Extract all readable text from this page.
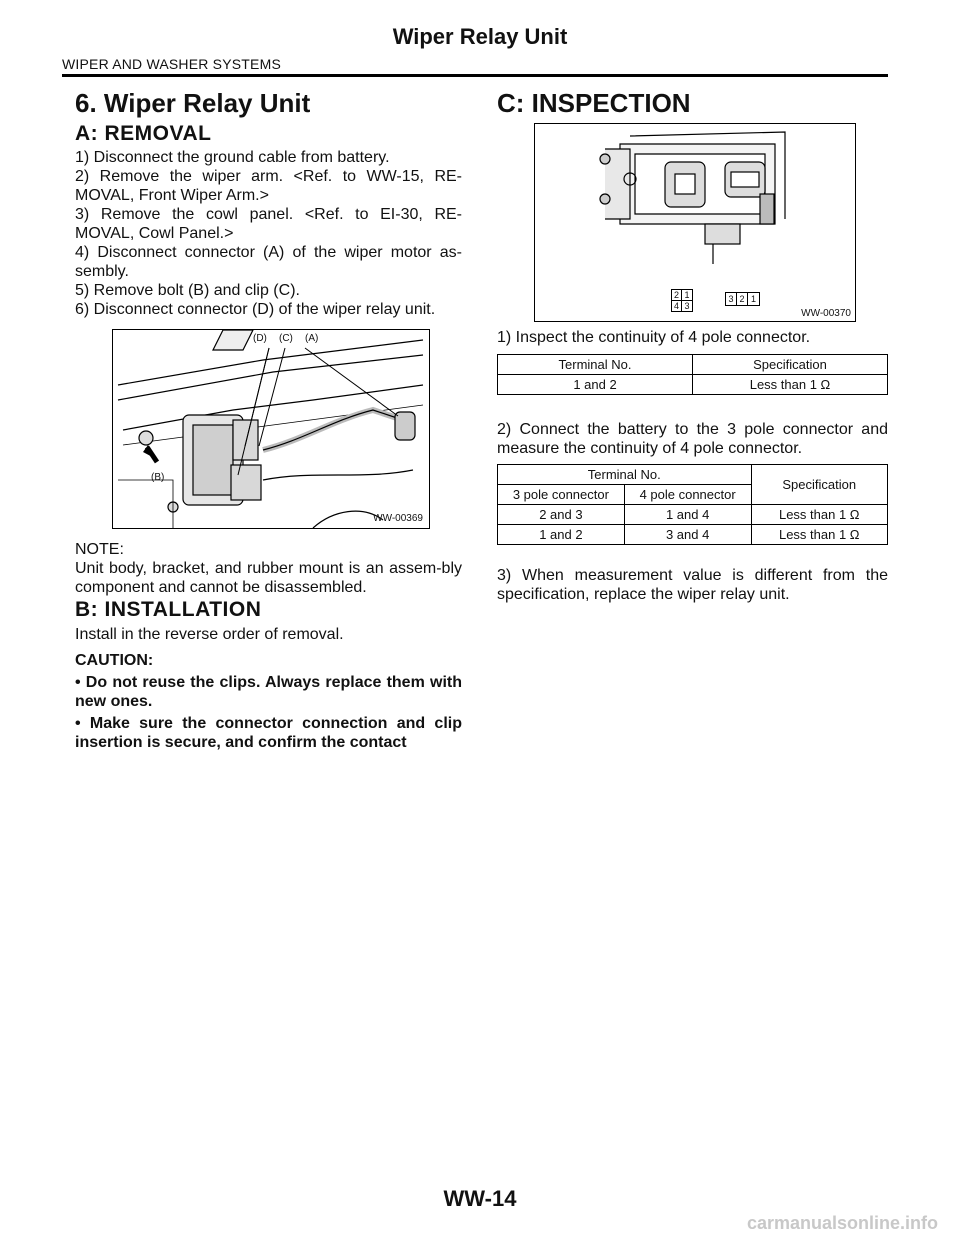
Wiper Relay Unit
WIPER AND WASHER SYSTEMS
6. Wiper Relay Unit
A: REMOVAL
1) Disconnect the ground cable from battery.
2) Remove the wiper arm. <Ref. to WW-15, RE-MOVAL, Front Wiper Arm.>
3) Remove the cowl panel. <Ref. to EI-30, RE-MOVAL, Cowl Panel.>
4) Disconnect connector (A) of the wiper motor as-sembly.
5) Remove bolt (B) and clip (C).
6) Disconnect connector (D) of the wiper relay unit.
(D) (C) (A)
(B)
WW-00369
NOTE:
Unit body, bracket, and rubber mount is an assem-bly component and cannot be disassembled.
B: INSTALLATION
Install in the reverse order of removal.
CAUTION:
• Do not reuse the clips. Always replace them with new ones.
• Make sure the connector connection and clip insertion is secure, and confirm the contact
C: INSPECTION
2 1
4 3
3 2 1
WW-00370
1) Inspect the continuity of 4 pole connector.
Terminal No.	Specification
1 and 2	Less than 1 Ω
2) Connect the battery to the 3 pole connector and measure the continuity of 4 pole connector.
Terminal No.		Specification
3 pole connector	4 pole connector	
2 and 3	1 and 4	Less than 1 Ω
1 and 2	3 and 4	Less than 1 Ω
3) When measurement value is different from the specification, replace the wiper relay unit.
WW-14
carmanualsonline.info
